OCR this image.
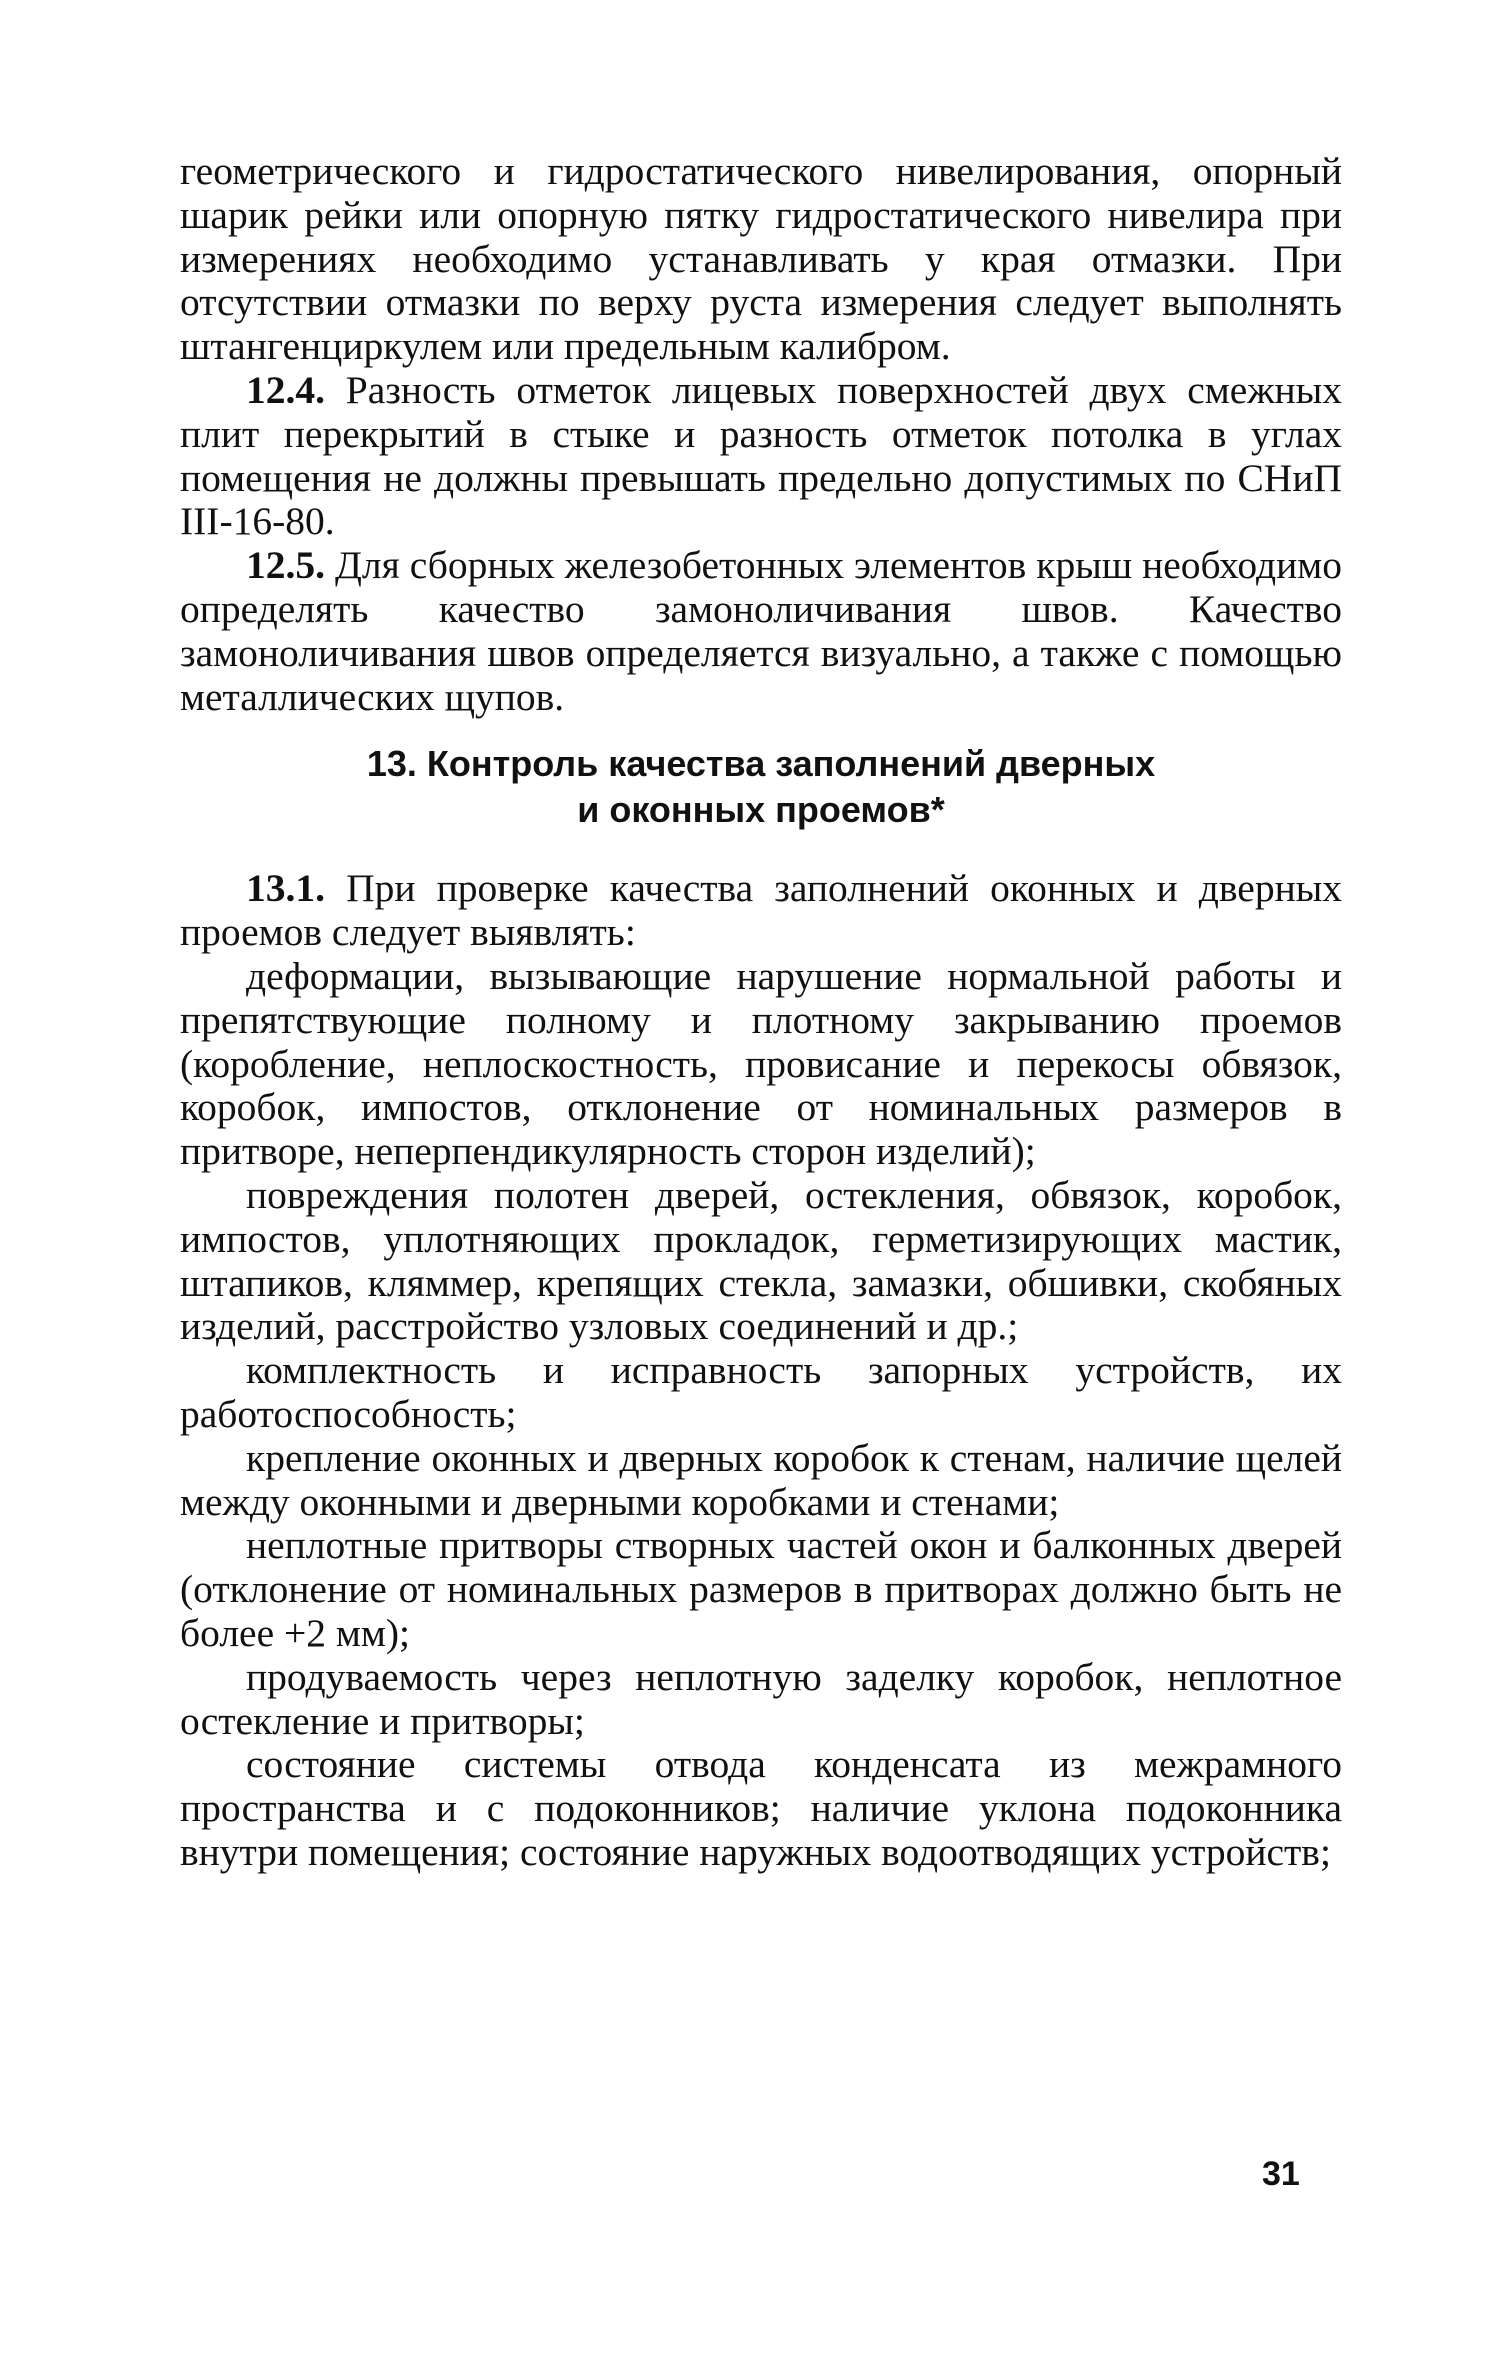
геометрического и гидростатического нивелирования, опорный шарик рейки или опорную пятку гидростатического нивелира при измерениях необходимо устанавливать у края отмазки. При отсутствии отмазки по верху руста измерения следует выполнять штангенциркулем или предельным калибром.

12.4. Разность отметок лицевых поверхностей двух смежных плит перекрытий в стыке и разность отметок потолка в углах помещения не должны превышать предельно допустимых по СНиП III-16-80.

12.5. Для сборных железобетонных элементов крыш необходимо определять качество замоноличивания швов. Качество замоноличивания швов определяется визуально, а также с помощью металлических щупов.

13. Контроль качества заполнений дверных
и оконных проемов*

13.1. При проверке качества заполнений оконных и дверных проемов следует выявлять:

деформации, вызывающие нарушение нормальной работы и препятствующие полному и плотному закрыванию проемов (коробление, неплоскостность, провисание и перекосы обвязок, коробок, импостов, отклонение от номинальных размеров в притворе, неперпендикулярность сторон изделий);

повреждения полотен дверей, остекления, обвязок, коробок, импостов, уплотняющих прокладок, герметизирующих мастик, штапиков, кляммер, крепящих стекла, замазки, обшивки, скобяных изделий, расстройство узловых соединений и др.;

комплектность и исправность запорных устройств, их работоспособность;

крепление оконных и дверных коробок к стенам, наличие щелей между оконными и дверными коробками и стенами;

неплотные притворы створных частей окон и балконных дверей (отклонение от номинальных размеров в притворах должно быть не более +2 мм);

продуваемость через неплотную заделку коробок, неплотное остекление и притворы;

состояние системы отвода конденсата из межрамного пространства и с подоконников; наличие уклона подоконника внутри помещения; состояние наружных водоотводящих устройств;

31
